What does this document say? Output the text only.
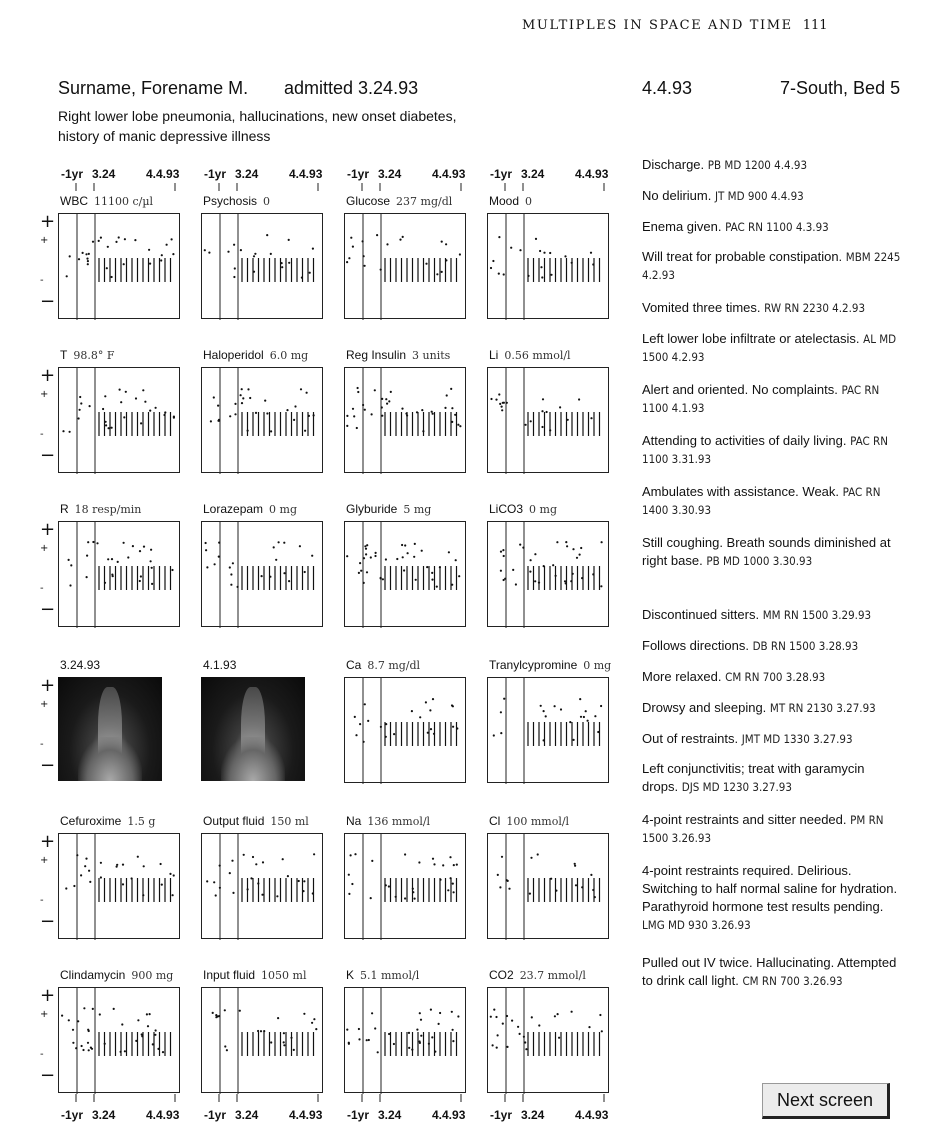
MULTIPLES IN SPACE AND TIME 111
Surname, Forename M. admitted 3.24.93	4.4.93	7-South, Bed 5
Right lower lobe pneumonia, hallucinations, new onset diabetes, history of manic depressive illness
-1yr 3.24	4.4.93 -1yr 3.24	4.4.93 -1yr 3.24	4.4.93 -1yr 3.24	4.4.93
-1yr 3.24	4.4.93 -1yr 3.24	4.4.93 -1yr 3.24	4.4.93 -1yr 3.24	4.4.93
+
+
-
−
+
+
-
−
+
+
-
−
+
+
-
−
+
+
-
−
+
+
-
−
WBC 11100 c/µl	Psychosis 0	Glucose 237 mg/dl	Mood 0
T 98.8° F	Haloperidol 6.0 mg	Reg Insulin 3 units	Li 0.56 mmol/l
R 18 resp/min	Lorazepam 0 mg	Glyburide 5 mg	LiCO3 0 mg
3.24.93	4.1.93	Ca 8.7 mg/dl	Tranylcypromine 0 mg
Cefuroxime 1.5 g	Output fluid 150 ml	Na 136 mmol/l	Cl 100 mmol/l
Clindamycin 900 mg Input fluid 1050 ml	K 5.1 mmol/l	CO2 23.7 mmol/l
Discharge. PB MD 1200 4.4.93
No delirium. JT MD 900 4.4.93
Enema given. PAC RN 1100 4.3.93
Will treat for probable constipation. MBM 2245 4.2.93
Vomited three times. RW RN 2230 4.2.93
Left lower lobe infiltrate or atelectasis. AL MD 1500 4.2.93
Alert and oriented. No complaints. PAC RN 1100 4.1.93
Attending to activities of daily living. PAC RN 1100 3.31.93
Ambulates with assistance. Weak. PAC RN 1400 3.30.93
Still coughing. Breath sounds diminished at right base. PB MD 1000 3.30.93
Discontinued sitters. MM RN 1500 3.29.93
Follows directions. DB RN 1500 3.28.93
More relaxed. CM RN 700 3.28.93
Drowsy and sleeping. MT RN 2130 3.27.93
Out of restraints. JMT MD 1330 3.27.93
Left conjunctivitis; treat with garamycin drops. DJS MD 1230 3.27.93
4-point restraints and sitter needed. PM RN 1500 3.26.93
4-point restraints required. Delirious. Switching to half normal saline for hydration. Parathyroid hormone test results pending. LMG MD 930 3.26.93
Pulled out IV twice. Hallucinating. Attempted to drink call light. CM RN 700 3.26.93
Next screen
